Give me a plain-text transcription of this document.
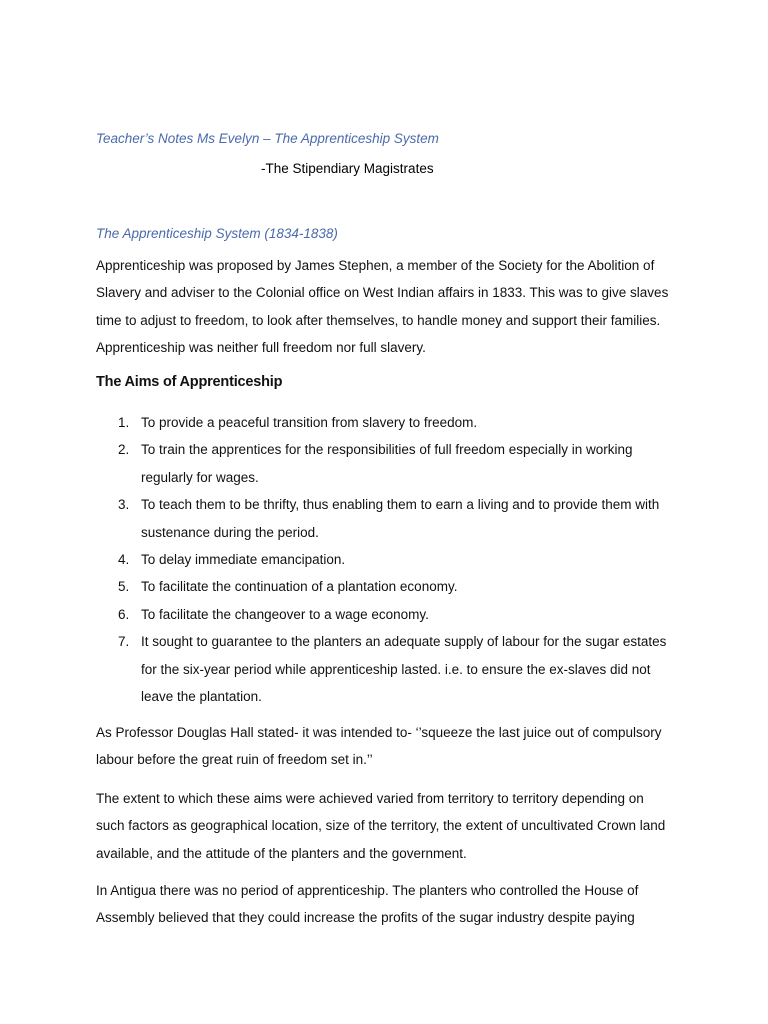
Teacher’s Notes Ms Evelyn – The Apprenticeship System
-The Stipendiary Magistrates
The Apprenticeship System (1834-1838)
Apprenticeship was proposed by James Stephen, a member of the Society for the Abolition of Slavery and adviser to the Colonial office on West Indian affairs in 1833. This was to give slaves time to adjust to freedom, to look after themselves, to handle money and support their families. Apprenticeship was neither full freedom nor full slavery.
The Aims of Apprenticeship
1. To provide a peaceful transition from slavery to freedom.
2. To train the apprentices for the responsibilities of full freedom especially in working regularly for wages.
3. To teach them to be thrifty, thus enabling them to earn a living and to provide them with sustenance during the period.
4. To delay immediate emancipation.
5. To facilitate the continuation of a plantation economy.
6. To facilitate the changeover to a wage economy.
7. It sought to guarantee to the planters an adequate supply of labour for the sugar estates for the six-year period while apprenticeship lasted. i.e. to ensure the ex-slaves did not leave the plantation.
As Professor Douglas Hall stated- it was intended to- ‘’squeeze the last juice out of compulsory labour before the great ruin of freedom set in.’’
The extent to which these aims were achieved varied from territory to territory depending on such factors as geographical location, size of the territory, the extent of uncultivated Crown land available, and the attitude of the planters and the government.
In Antigua there was no period of apprenticeship. The planters who controlled the House of Assembly believed that they could increase the profits of the sugar industry despite paying
